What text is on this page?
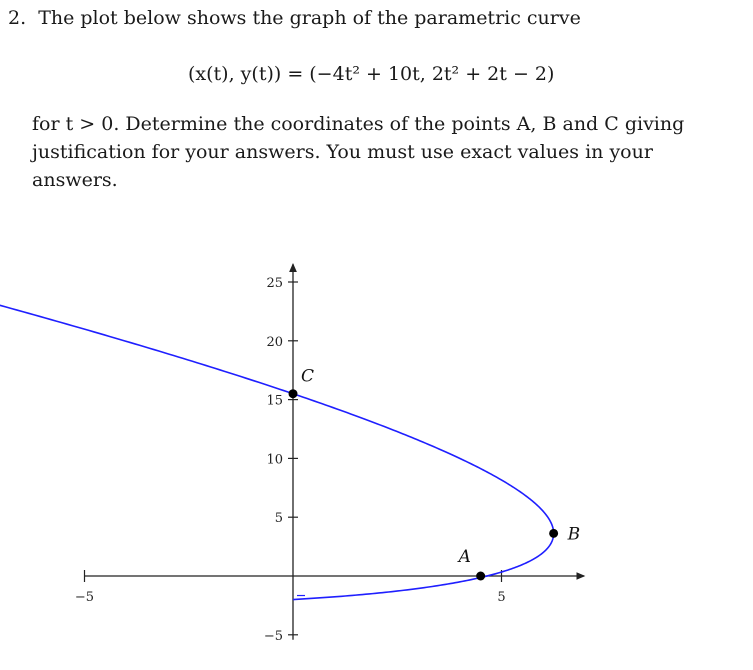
2. The plot below shows the graph of the parametric curve
(x(t), y(t)) = (−4t² + 10t, 2t² + 2t − 2)
for t > 0. Determine the coordinates of the points A, B and C giving
justification for your answers. You must use exact values in your
answers.
−5	5
−5
5
10
15
20
25
A
B
C
